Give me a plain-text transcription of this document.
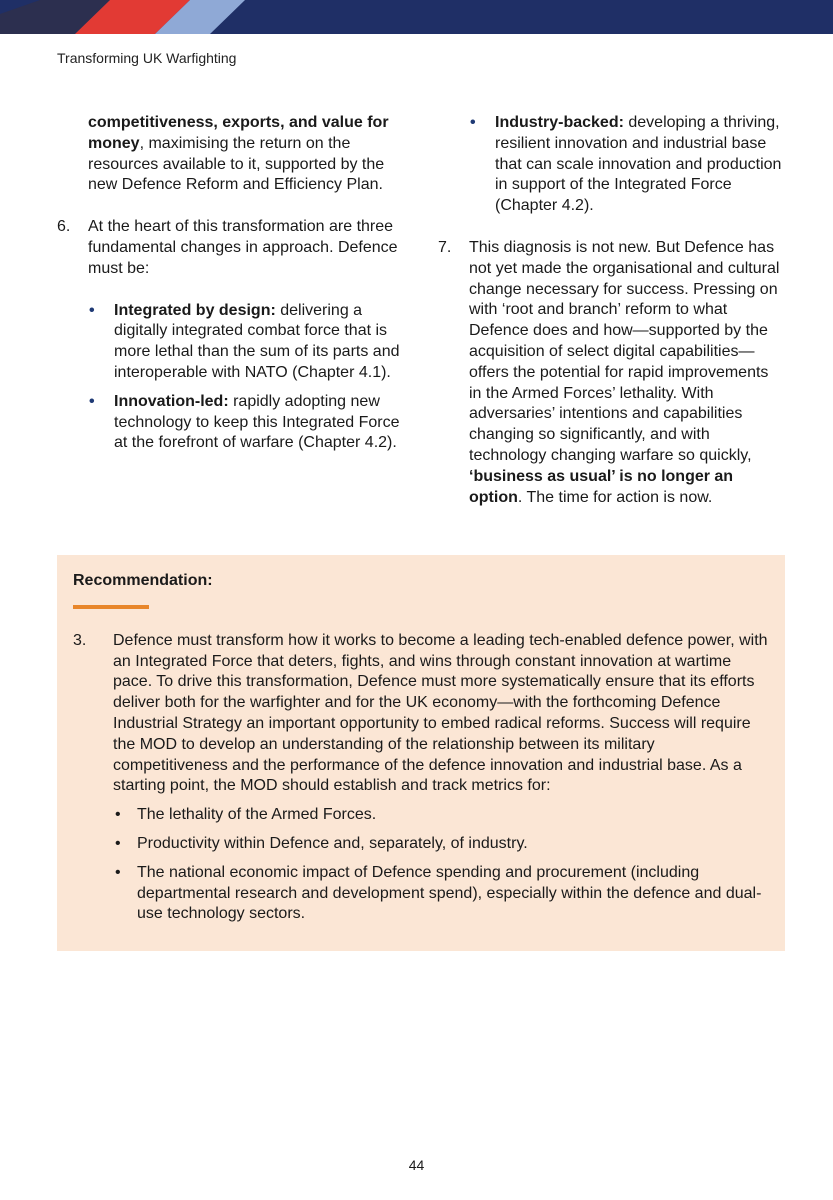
Transforming UK Warfighting

competitiveness, exports, and value for money, maximising the return on the resources available to it, supported by the new Defence Reform and Efficiency Plan.

6.	At the heart of this transformation are three fundamental changes in approach. Defence must be:

• Integrated by design: delivering a digitally integrated combat force that is more lethal than the sum of its parts and interoperable with NATO (Chapter 4.1).
• Innovation-led: rapidly adopting new technology to keep this Integrated Force at the forefront of warfare (Chapter 4.2).
• Industry-backed: developing a thriving, resilient innovation and industrial base that can scale innovation and production in support of the Integrated Force (Chapter 4.2).
7.	This diagnosis is not new. But Defence has not yet made the organisational and cultural change necessary for success. Pressing on with ‘root and branch’ reform to what Defence does and how—supported by the acquisition of select digital capabilities—offers the potential for rapid improvements in the Armed Forces’ lethality. With adversaries’ intentions and capabilities changing so significantly, and with technology changing warfare so quickly, ‘business as usual’ is no longer an option. The time for action is now.

Recommendation:
3.	Defence must transform how it works to become a leading tech-enabled defence power, with an Integrated Force that deters, fights, and wins through constant innovation at wartime pace. To drive this transformation, Defence must more systematically ensure that its efforts deliver both for the warfighter and for the UK economy—with the forthcoming Defence Industrial Strategy an important opportunity to embed radical reforms. Success will require the MOD to develop an understanding of the relationship between its military competitiveness and the performance of the defence innovation and industrial base. As a starting point, the MOD should establish and track metrics for:

• The lethality of the Armed Forces.
• Productivity within Defence and, separately, of industry.
• The national economic impact of Defence spending and procurement (including departmental research and development spend), especially within the defence and dual-use technology sectors.
44
